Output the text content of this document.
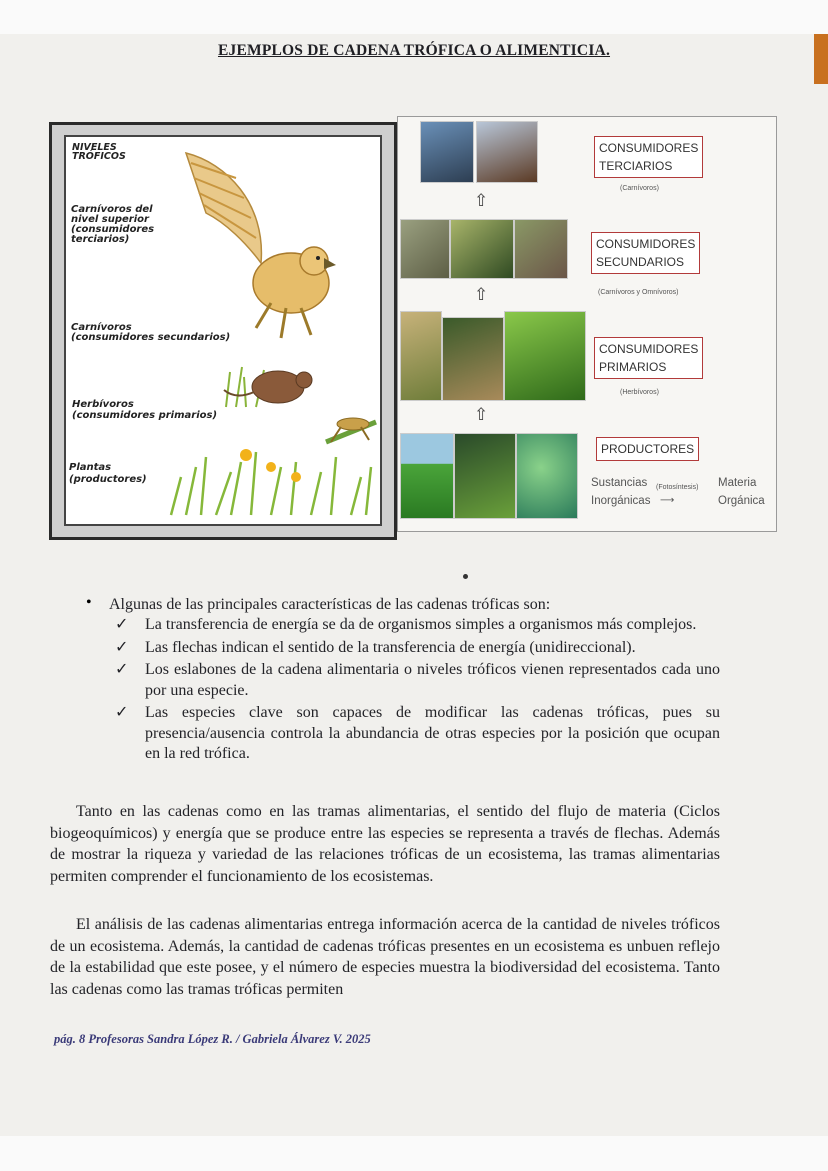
EJEMPLOS DE CADENA TRÓFICA O ALIMENTICIA.
NIVELES
TRÓFICOS
Carnívoros del
nivel superior
(consumidores
terciarios)
Carnívoros
(consumidores secundarios)
Herbívoros
(consumidores primarios)
Plantas
(productores)
⇧
⇧
⇧
CONSUMIDORES
TERCIARIOS
(Carnívoros)
CONSUMIDORES
SECUNDARIOS
(Carnívoros y Omnívoros)
CONSUMIDORES
PRIMARIOS
(Herbívoros)
PRODUCTORES
Sustancias
Inorgánicas
(Fotosíntesis)
⟶
Materia
Orgánica
• Algunas de las principales características de las cadenas tróficas son:
✓ La transferencia de energía se da de organismos simples a organismos más complejos.
✓ Las flechas indican el sentido de la transferencia de energía (unidireccional).
✓ Los eslabones de la cadena alimentaria o niveles tróficos vienen representados cada uno por una especie.
✓ Las especies clave son capaces de modificar las cadenas tróficas, pues su presencia/ausencia controla la abundancia de otras especies por la posición que ocupan en la red trófica.
Tanto en las cadenas como en las tramas alimentarias, el sentido del flujo de materia (Ciclos biogeoquímicos) y energía que se produce entre las especies se representa a través de flechas. Además de mostrar la riqueza y variedad de las relaciones tróficas de un ecosistema, las tramas alimentarias permiten comprender el funcionamiento de los ecosistemas.
El análisis de las cadenas alimentarias entrega información acerca de la cantidad de niveles tróficos de un ecosistema. Además, la cantidad de cadenas tróficas presentes en un ecosistema es unbuen reflejo de la estabilidad que este posee, y el número de especies muestra la biodiversidad del ecosistema. Tanto las cadenas como las tramas tróficas permiten
pág. 8 Profesoras Sandra López R. / Gabriela Álvarez V. 2025
